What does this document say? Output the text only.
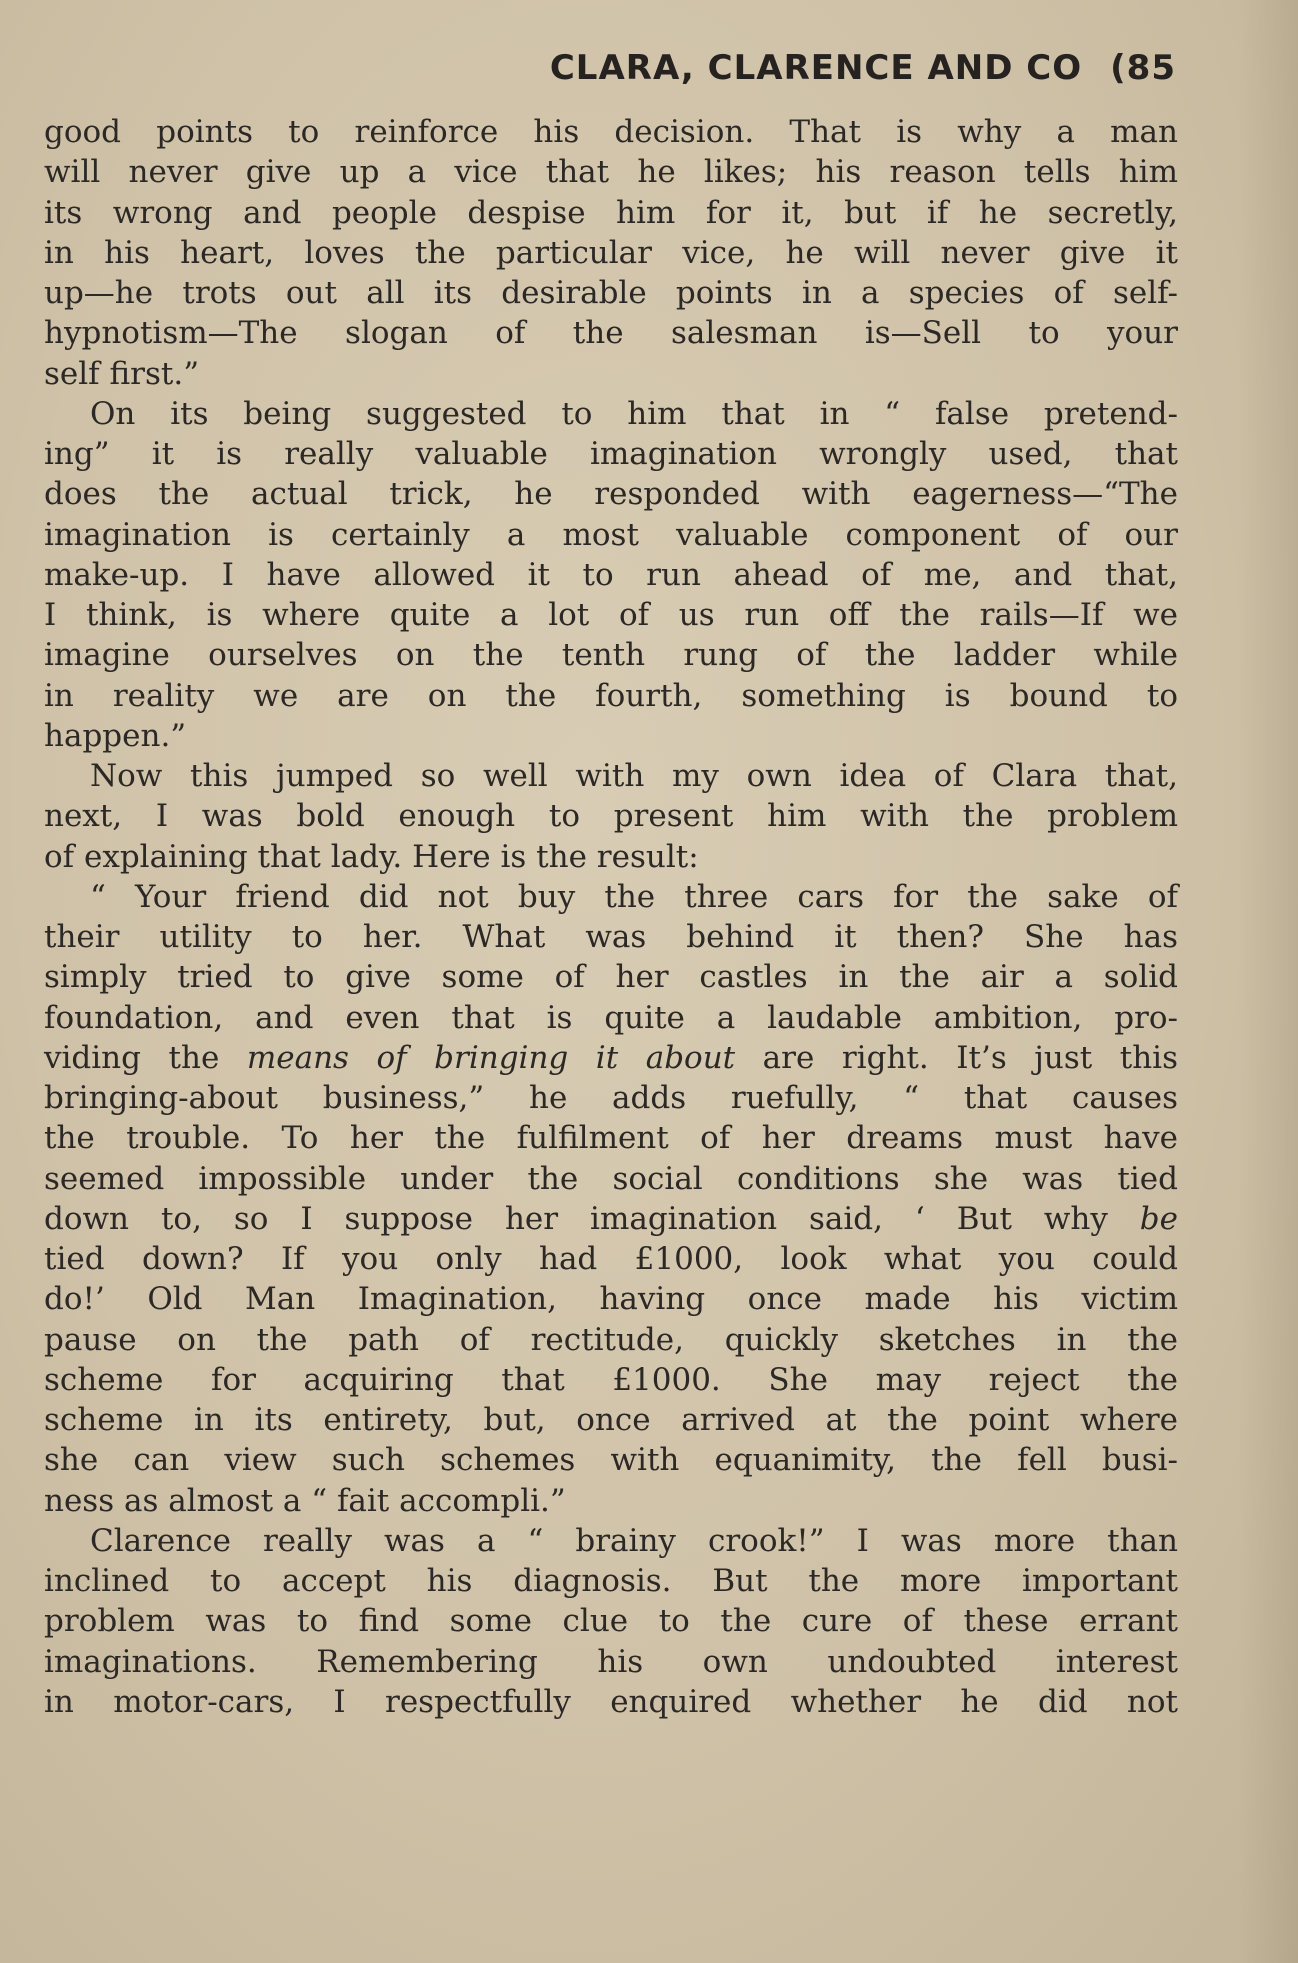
CLARA, CLARENCE AND CO (85
good points to reinforce his decision. That is why a man
will never give up a vice that he likes; his reason tells him
its wrong and people despise him for it, but if he secretly,
in his heart, loves the particular vice, he will never give it
up—he trots out all its desirable points in a species of self-
hypnotism—The slogan of the salesman is—Sell to your
self first.”
On its being suggested to him that in “ false pretend-
ing” it is really valuable imagination wrongly used, that
does the actual trick, he responded with eagerness—“The
imagination is certainly a most valuable component of our
make-up. I have allowed it to run ahead of me, and that,
I think, is where quite a lot of us run off the rails—If we
imagine ourselves on the tenth rung of the ladder while
in reality we are on the fourth, something is bound to
happen.”
Now this jumped so well with my own idea of Clara that,
next, I was bold enough to present him with the problem
of explaining that lady. Here is the result:
“ Your friend did not buy the three cars for the sake of
their utility to her. What was behind it then? She has
simply tried to give some of her castles in the air a solid
foundation, and even that is quite a laudable ambition, pro-
viding the means of bringing it about are right. It’s just this
bringing-about business,” he adds ruefully, “ that causes
the trouble. To her the fulfilment of her dreams must have
seemed impossible under the social conditions she was tied
down to, so I suppose her imagination said, ‘ But why be
tied down? If you only had £1000, look what you could
do!’ Old Man Imagination, having once made his victim
pause on the path of rectitude, quickly sketches in the
scheme for acquiring that £1000. She may reject the
scheme in its entirety, but, once arrived at the point where
she can view such schemes with equanimity, the fell busi-
ness as almost a “ fait accompli.”
Clarence really was a “ brainy crook!” I was more than
inclined to accept his diagnosis. But the more important
problem was to find some clue to the cure of these errant
imaginations. Remembering his own undoubted interest
in motor-cars, I respectfully enquired whether he did not
